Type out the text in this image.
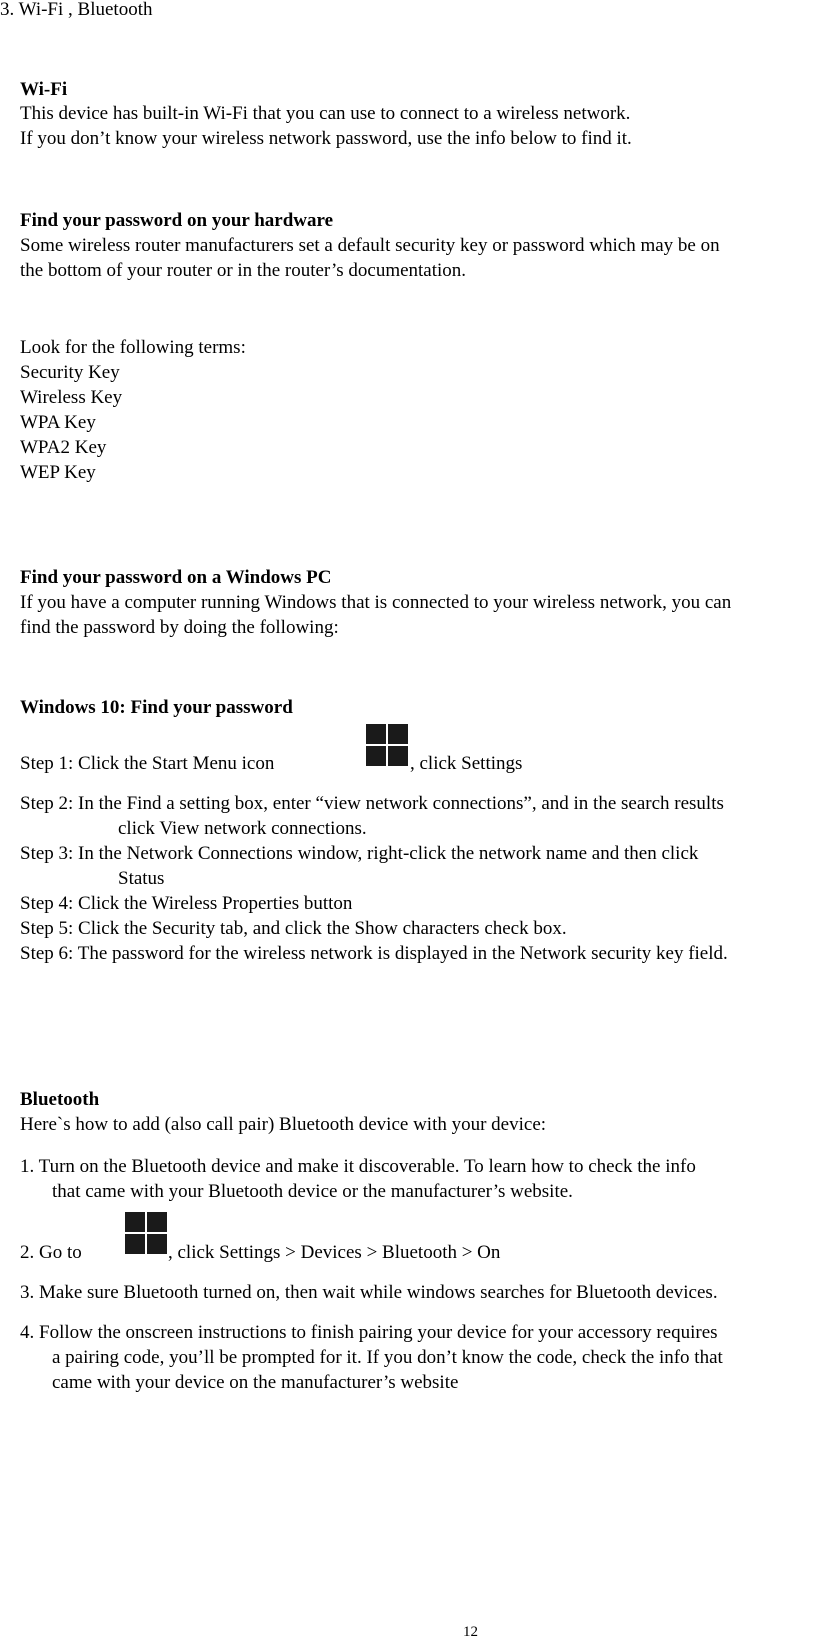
3. Wi-Fi , Bluetooth
Wi-Fi
This device has built-in Wi-Fi that you can use to connect to a wireless network.
If you don’t know your wireless network password, use the info below to find it.
Find your password on your hardware
Some wireless router manufacturers set a default security key or password which may be on
the bottom of your router or in the router’s documentation.
Look for the following terms:
Security Key
Wireless Key
WPA Key
WPA2 Key
WEP Key
Find your password on a Windows PC
If you have a computer running Windows that is connected to your wireless network, you can
find the password by doing the following:
Windows 10: Find your password
Step 1: Click the Start Menu icon	, click Settings
Step 2: In the Find a setting box, enter “view network connections”, and in the search results
click View network connections.
Step 3: In the Network Connections window, right-click the network name and then click
Status
Step 4: Click the Wireless Properties button
Step 5: Click the Security tab, and click the Show characters check box.
Step 6: The password for the wireless network is displayed in the Network security key field.
Bluetooth
Here`s how to add (also call pair) Bluetooth device with your device:
1. Turn on the Bluetooth device and make it discoverable. To learn how to check the info
that came with your Bluetooth device or the manufacturer’s website.
2. Go to	, click Settings > Devices > Bluetooth > On
3. Make sure Bluetooth turned on, then wait while windows searches for Bluetooth devices.
4. Follow the onscreen instructions to finish pairing your device for your accessory requires
a pairing code, you’ll be prompted for it. If you don’t know the code, check the info that
came with your device on the manufacturer’s website
12
